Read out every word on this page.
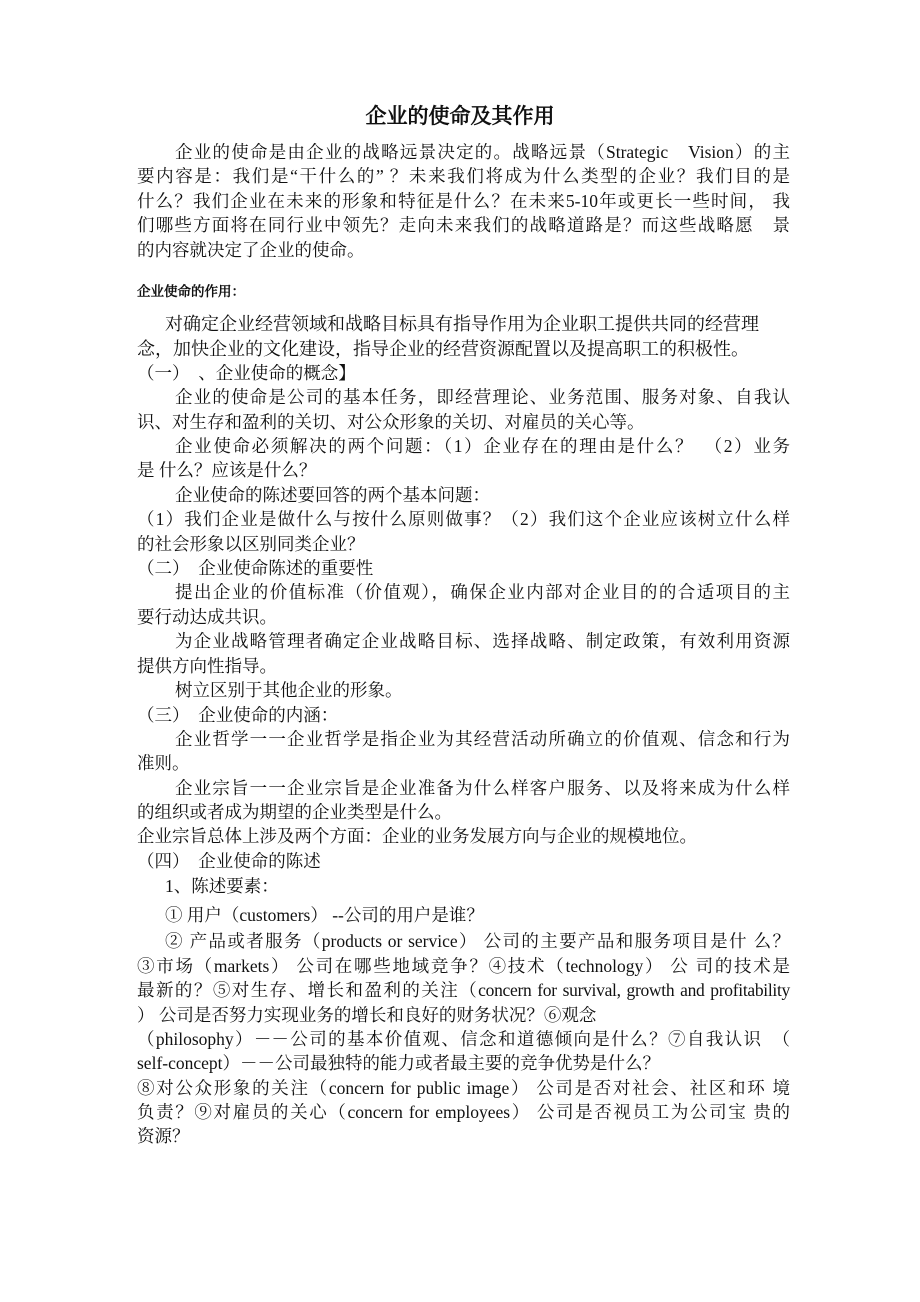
企业的使命及其作用
企业使命的作用：
企业的使命是由企业的战略远景决定的。战略远景（Strategic　Vision）的主
要内容是：我们是“干什么的” ？未来我们将成为什么类型的企业？我们目的是
什么？我们企业在未来的形象和特征是什么？在未来5-10年或更长一些时间， 我
们哪些方面将在同行业中领先？走向未来我们的战略道路是？而这些战略愿　景
的内容就决定了企业的使命。
对确定企业经营领域和战略目标具有指导作用为企业职工提供共同的经营理
念，加快企业的文化建设，指导企业的经营资源配置以及提高职工的积极性。
（一）　、企业使命的概念】
企业的使命是公司的基本任务，即经营理论、业务范围、服务对象、自我认
识、对生存和盈利的关切、对公众形象的关切、对雇员的关心等。
企业使命必须解决的两个问题：（1）企业存在的理由是什么？　（2）业务
是 什么？应该是什么？
企业使命的陈述要回答的两个基本问题：
（1）我们企业是做什么与按什么原则做事？（2）我们这个企业应该树立什么样
的社会形象以区别同类企业？
（二）　企业使命陈述的重要性
提出企业的价值标准（价值观），确保企业内部对企业目的的合适项目的主
要行动达成共识。
为企业战略管理者确定企业战略目标、选择战略、制定政策，有效利用资源
提供方向性指导。
树立区别于其他企业的形象。
（三）　企业使命的内涵：
企业哲学一一企业哲学是指企业为其经营活动所确立的价值观、信念和行为
准则。
企业宗旨一一企业宗旨是企业准备为什么样客户服务、以及将来成为什么样
的组织或者成为期望的企业类型是什么。
企业宗旨总体上涉及两个方面：企业的业务发展方向与企业的规模地位。
（四）　企业使命的陈述
1、陈述要素：
① 用户（customers） --公司的用户是谁？
② 产品或者服务（products or service） 公司的主要产品和服务项目是什 么？
③市场（markets） 公司在哪些地域竞争？④技术（technology） 公 司的技术是
最新的？⑤对生存、增长和盈利的关注（concern for survival, growth and profitability
） 公司是否努力实现业务的增长和良好的财务状况？⑥观念
（philosophy）－－公司的基本价值观、信念和道德倾向是什么？⑦自我认识　（
self-concept）－－公司最独特的能力或者最主要的竞争优势是什么？
⑧对公众形象的关注（concern for public image） 公司是否对社会、社区和环 境
负责？⑨对雇员的关心（concern for employees） 公司是否视员工为公司宝 贵的
资源？
